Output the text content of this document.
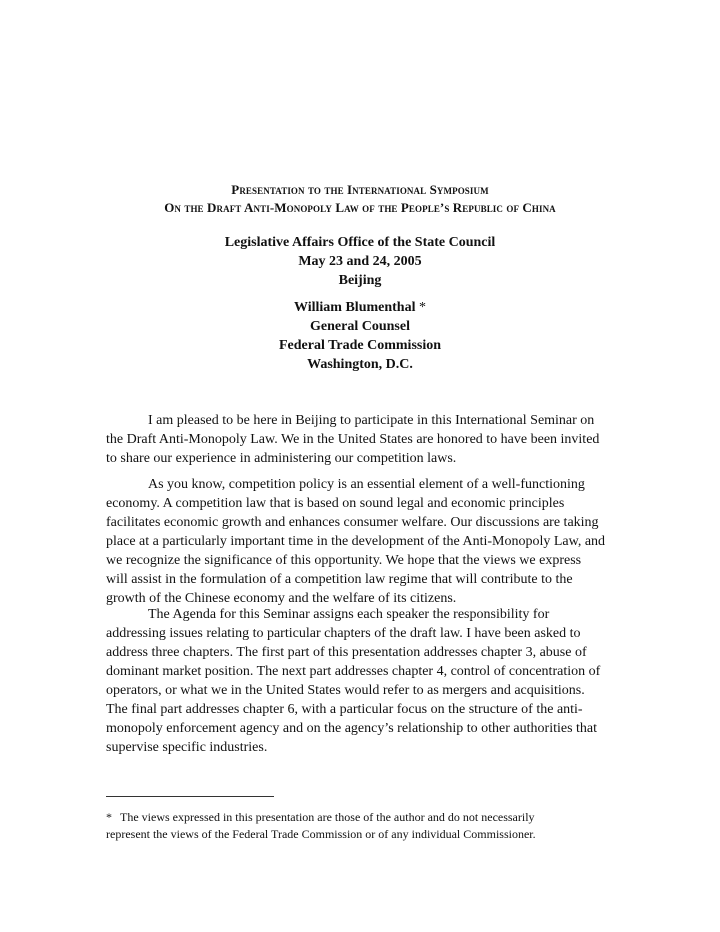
Presentation to the International Symposium
On the Draft Anti-Monopoly Law of the People’s Republic of China
Legislative Affairs Office of the State Council
May 23 and 24, 2005
Beijing
William Blumenthal *
General Counsel
Federal Trade Commission
Washington, D.C.
I am pleased to be here in Beijing to participate in this International Seminar on
the Draft Anti-Monopoly Law. We in the United States are honored to have been invited
to share our experience in administering our competition laws.
As you know, competition policy is an essential element of a well-functioning
economy. A competition law that is based on sound legal and economic principles
facilitates economic growth and enhances consumer welfare. Our discussions are taking
place at a particularly important time in the development of the Anti-Monopoly Law, and
we recognize the significance of this opportunity. We hope that the views we express
will assist in the formulation of a competition law regime that will contribute to the
growth of the Chinese economy and the welfare of its citizens.
The Agenda for this Seminar assigns each speaker the responsibility for
addressing issues relating to particular chapters of the draft law. I have been asked to
address three chapters. The first part of this presentation addresses chapter 3, abuse of
dominant market position. The next part addresses chapter 4, control of concentration of
operators, or what we in the United States would refer to as mergers and acquisitions.
The final part addresses chapter 6, with a particular focus on the structure of the anti-
monopoly enforcement agency and on the agency’s relationship to other authorities that
supervise specific industries.
* The views expressed in this presentation are those of the author and do not necessarily
represent the views of the Federal Trade Commission or of any individual Commissioner.
